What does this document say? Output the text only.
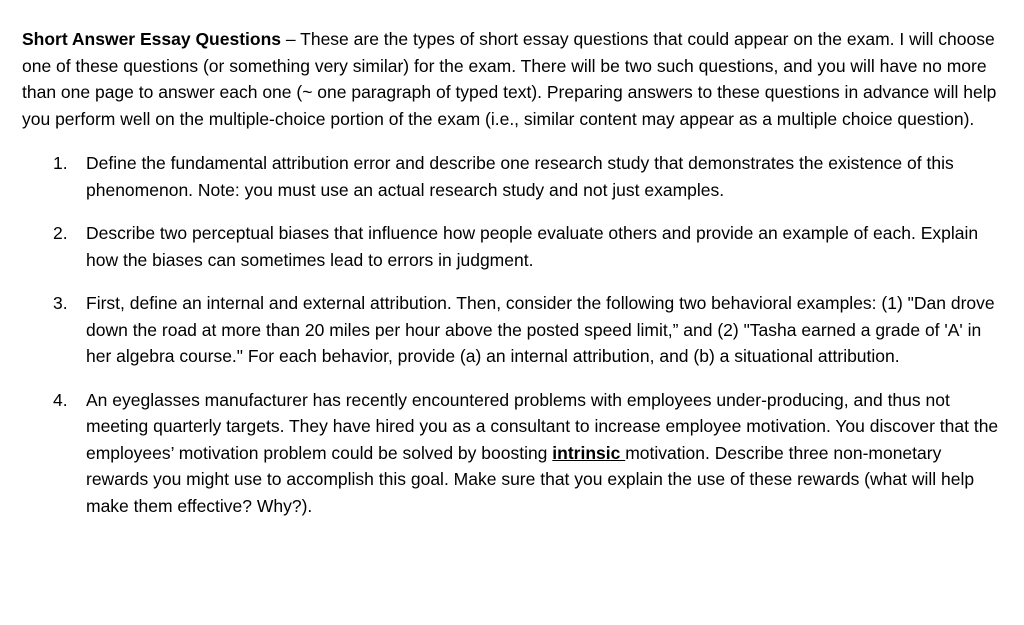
Short Answer Essay Questions – These are the types of short essay questions that could appear on the exam. I will choose one of these questions (or something very similar) for the exam. There will be two such questions, and you will have no more than one page to answer each one (~ one paragraph of typed text). Preparing answers to these questions in advance will help you perform well on the multiple-choice portion of the exam (i.e., similar content may appear as a multiple choice question).

1. Define the fundamental attribution error and describe one research study that demonstrates the existence of this phenomenon. Note: you must use an actual research study and not just examples.
2. Describe two perceptual biases that influence how people evaluate others and provide an example of each. Explain how the biases can sometimes lead to errors in judgment.
3. First, define an internal and external attribution. Then, consider the following two behavioral examples: (1) "Dan drove down the road at more than 20 miles per hour above the posted speed limit,” and (2) "Tasha earned a grade of 'A' in her algebra course." For each behavior, provide (a) an internal attribution, and (b) a situational attribution.
4. An eyeglasses manufacturer has recently encountered problems with employees under-producing, and thus not meeting quarterly targets. They have hired you as a consultant to increase employee motivation. You discover that the employees’ motivation problem could be solved by boosting intrinsic motivation. Describe three non-monetary rewards you might use to accomplish this goal. Make sure that you explain the use of these rewards (what will help make them effective? Why?).
